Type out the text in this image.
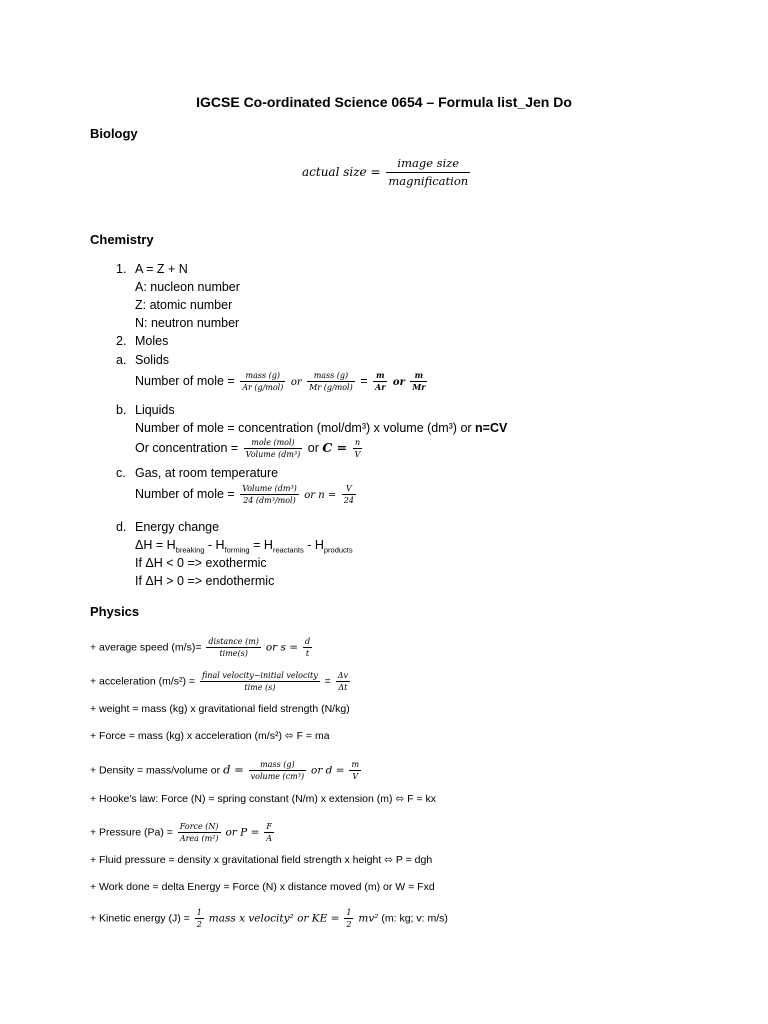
IGCSE Co-ordinated Science 0654 – Formula list_Jen Do
Biology
actual size = $\frac{\text{image size}}{\text{magnification}}$
Chemistry
1. A = Z + N
A: nucleon number
Z: atomic number
N: neutron number
2. Moles
a. Solids
Number of mole = $\frac{\text{mass (g)}}{\text{Ar (g/mol)}}$ or $\frac{\text{mass (g)}}{\text{Mr (g/mol)}} = \frac{m}{Ar}$ or $\frac{m}{Mr}$
b. Liquids
Number of mole = concentration (mol/dm³) x volume (dm³) or n=CV
Or concentration = $\frac{\text{mole (mol)}}{\text{Volume (dm³)}}$ or $C = \frac{n}{V}$
c. Gas, at room temperature
Number of mole = $\frac{\text{Volume (dm³)}}{\text{24 (dm³/mol)}}$ or $n = \frac{V}{24}$
d. Energy change
$\Delta H = H_{breaking} - H_{forming} = H_{reactants} - H_{products}$
If ΔH < 0 => exothermic
If ΔH > 0 => endothermic
Physics
+ average speed $(m/s)= \frac{\text{distance (m)}}{\text{time(s)}}$ or $s = \frac{d}{t}$
+ acceleration $(m/s^2) = \frac{\text{final velocity−initial velocity}}{\text{time (s)}} = \frac{\Delta v}{\Delta t}$
+ weight = mass (kg) x gravitational field strength (N/kg)
+ Force = mass (kg) x acceleration (m/s²) ⬄ F = ma
+ Density = mass/volume or $d = \frac{\text{mass (g)}}{\text{volume (cm³)}}$ or $d = \frac{m}{V}$
+ Hooke's law: Force (N) = spring constant (N/m) x extension (m) ⬄ F = kx
+ Pressure $(Pa) = \frac{\text{Force (N)}}{\text{Area (m²)}}$ or $P = \frac{F}{A}$
+ Fluid pressure = density x gravitational field strength x height ⬄ P = dgh
+ Work done = delta Energy = Force (N) x distance moved (m) or W = Fxd
+ Kinetic energy $(J) = \frac{1}{2}$ mass x velocity² or KE = $\frac{1}{2} mv^2$ (m: kg; v: m/s)
